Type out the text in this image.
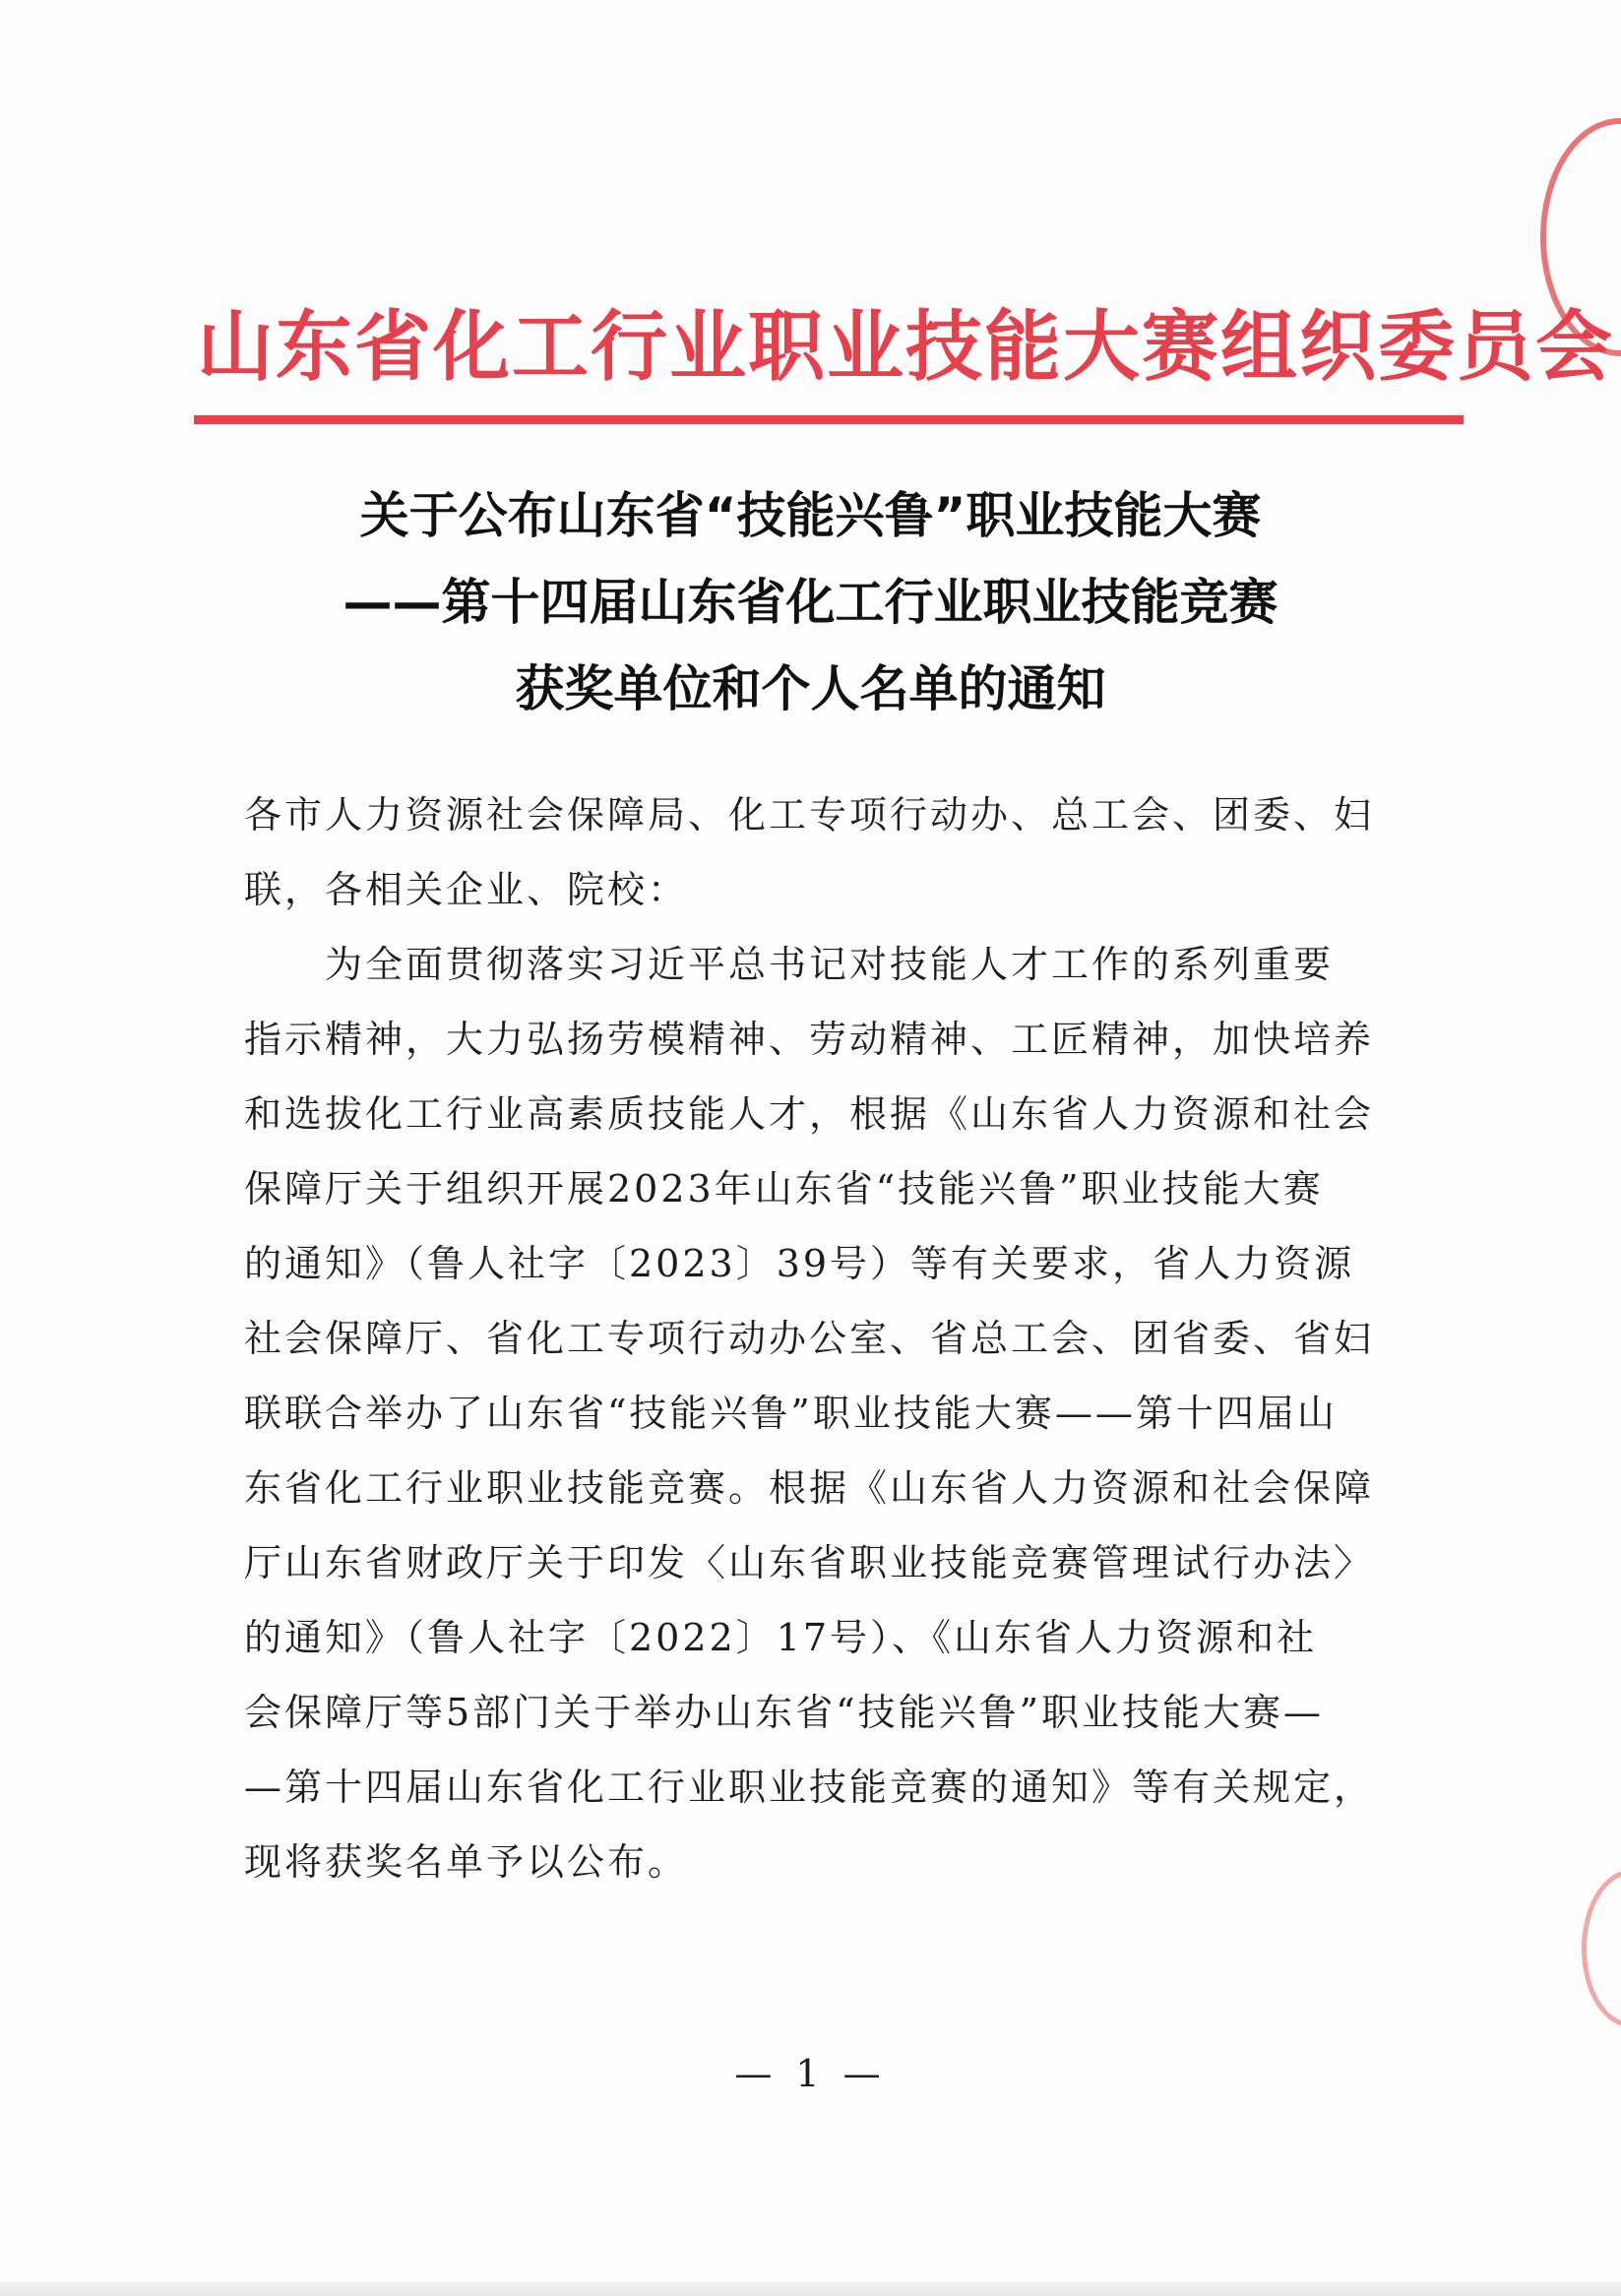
山东省化工行业职业技能大赛组织委员会
关于公布山东省“技能兴鲁”职业技能大赛
——第十四届山东省化工行业职业技能竞赛
获奖单位和个人名单的通知
各市人力资源社会保障局、化工专项行动办、总工会、团委、妇
联，各相关企业、院校：
为全面贯彻落实习近平总书记对技能人才工作的系列重要
指示精神，大力弘扬劳模精神、劳动精神、工匠精神，加快培养
和选拔化工行业高素质技能人才，根据《山东省人力资源和社会
保障厅关于组织开展2023年山东省“技能兴鲁”职业技能大赛
的通知》（鲁人社字〔2023〕39号）等有关要求，省人力资源
社会保障厅、省化工专项行动办公室、省总工会、团省委、省妇
联联合举办了山东省“技能兴鲁”职业技能大赛——第十四届山
东省化工行业职业技能竞赛。根据《山东省人力资源和社会保障
厅山东省财政厅关于印发〈山东省职业技能竞赛管理试行办法〉
的通知》（鲁人社字〔2022〕17号）、《山东省人力资源和社
会保障厅等5部门关于举办山东省“技能兴鲁”职业技能大赛—
—第十四届山东省化工行业职业技能竞赛的通知》等有关规定，
现将获奖名单予以公布。
— 1 —
